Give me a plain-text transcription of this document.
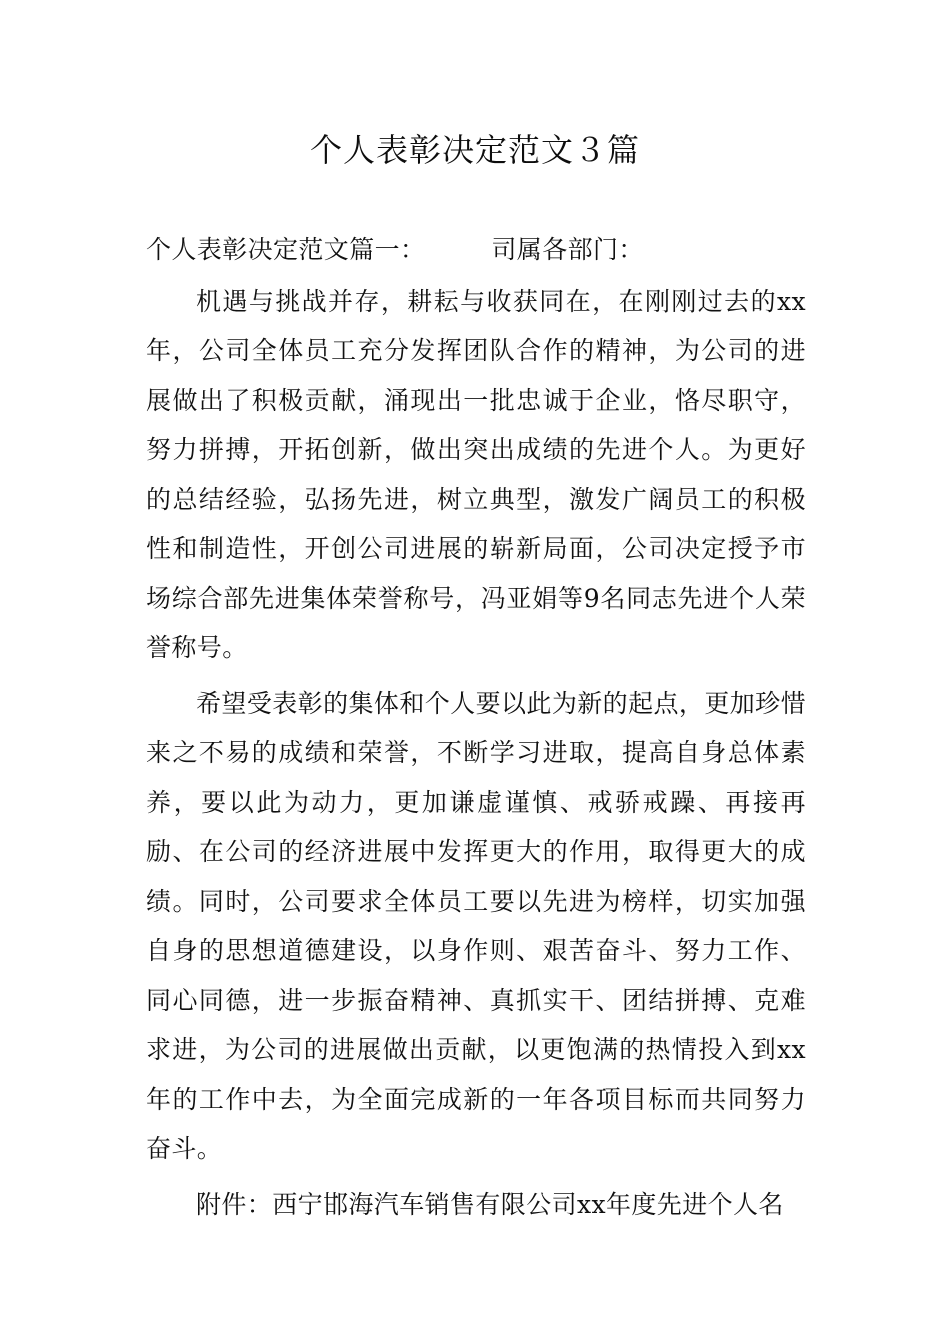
个人表彰决定范文３篇

个人表彰决定范文篇一：	司属各部门：

机遇与挑战并存，耕耘与收获同在，在刚刚过去的xx年，公司全体员工充分发挥团队合作的精神，为公司的进展做出了积极贡献，涌现出一批忠诚于企业，恪尽职守，努力拼搏，开拓创新，做出突出成绩的先进个人。为更好的总结经验，弘扬先进，树立典型，激发广阔员工的积极性和制造性，开创公司进展的崭新局面，公司决定授予市场综合部先进集体荣誉称号，冯亚娟等9名同志先进个人荣誉称号。

希望受表彰的集体和个人要以此为新的起点，更加珍惜来之不易的成绩和荣誉，不断学习进取，提高自身总体素养，要以此为动力，更加谦虚谨慎、戒骄戒躁、再接再励、在公司的经济进展中发挥更大的作用，取得更大的成绩。同时，公司要求全体员工要以先进为榜样，切实加强自身的思想道德建设，以身作则、艰苦奋斗、努力工作、同心同德，进一步振奋精神、真抓实干、团结拼搏、克难求进，为公司的进展做出贡献，以更饱满的热情投入到xx年的工作中去，为全面完成新的一年各项目标而共同努力奋斗。

附件：西宁邯海汽车销售有限公司xx年度先进个人名
